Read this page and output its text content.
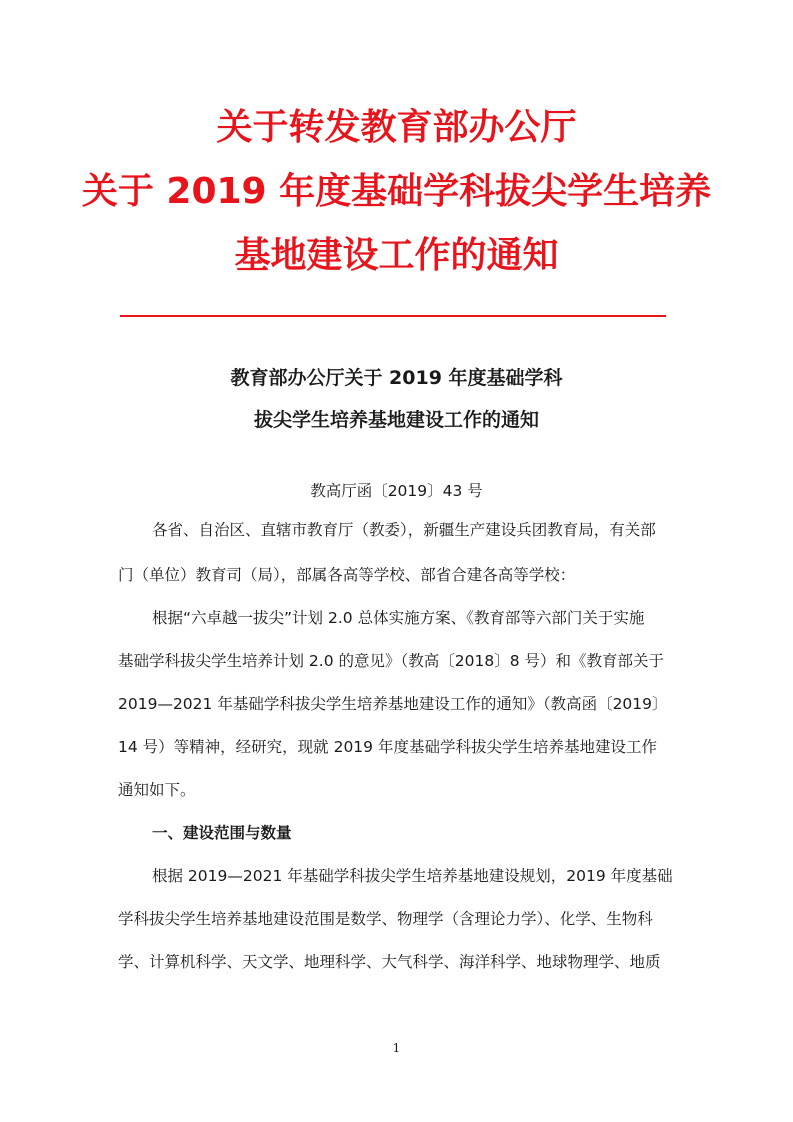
关于转发教育部办公厅
关于 2019 年度基础学科拔尖学生培养
基地建设工作的通知
教育部办公厅关于 2019 年度基础学科
拔尖学生培养基地建设工作的通知
教高厅函〔2019〕43 号
各省、自治区、直辖市教育厅（教委），新疆生产建设兵团教育局，有关部
门（单位）教育司（局），部属各高等学校、部省合建各高等学校：
根据“六卓越一拔尖”计划 2.0 总体实施方案、《教育部等六部门关于实施
基础学科拔尖学生培养计划 2.0 的意见》（教高〔2018〕8 号）和《教育部关于
2019—2021 年基础学科拔尖学生培养基地建设工作的通知》（教高函〔2019〕
14 号）等精神，经研究，现就 2019 年度基础学科拔尖学生培养基地建设工作
通知如下。
一、建设范围与数量
根据 2019—2021 年基础学科拔尖学生培养基地建设规划，2019 年度基础
学科拔尖学生培养基地建设范围是数学、物理学（含理论力学）、化学、生物科
学、计算机科学、天文学、地理科学、大气科学、海洋科学、地球物理学、地质
1
